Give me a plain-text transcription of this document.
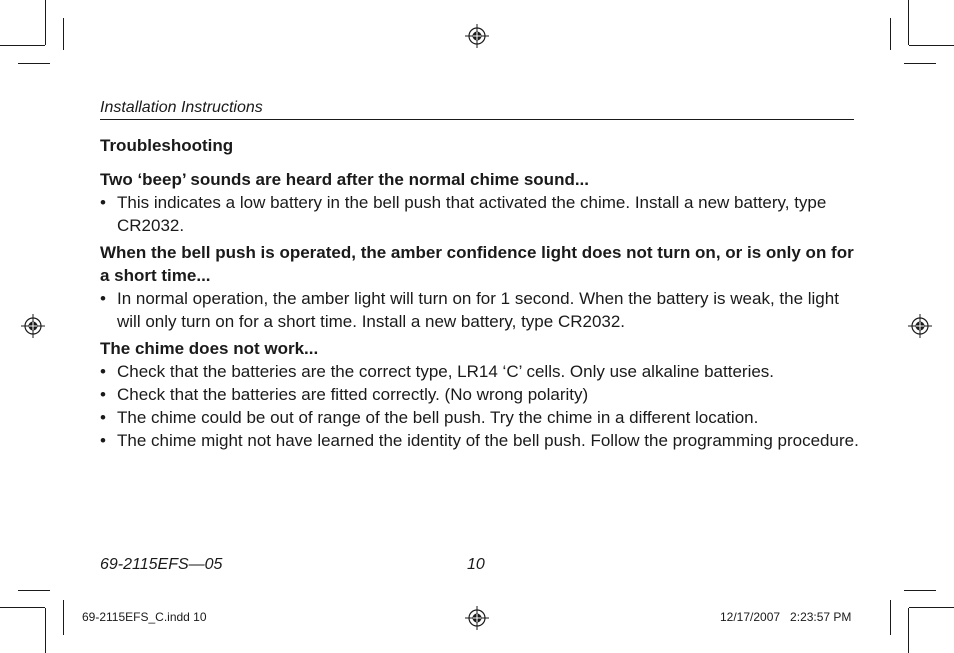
Installation Instructions
Troubleshooting

Two ‘beep’ sounds are heard after the normal chime sound...

• This indicates a low battery in the bell push that activated the chime. Install a new battery, type CR2032.

When the bell push is operated, the amber confidence light does not turn on, or is only on for a short time...

• In normal operation, the amber light will turn on for 1 second. When the battery is weak, the light will only turn on for a short time. Install a new battery, type CR2032.

The chime does not work...

• Check that the batteries are the correct type, LR14 ‘C’ cells. Only use alkaline batteries.
• Check that the batteries are fitted correctly. (No wrong polarity)
• The chime could be out of range of the bell push. Try the chime in a different location.
• The chime might not have learned the identity of the bell push. Follow the programming procedure.
69-2115EFS—05	10
69-2115EFS_C.indd 10	12/17/2007   2:23:57 PM
